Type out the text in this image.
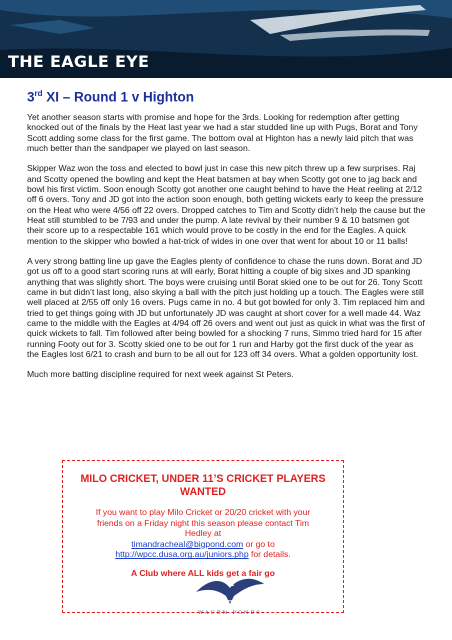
THE EAGLE EYE
3rd XI – Round 1 v Highton

Yet another season starts with promise and hope for the 3rds. Looking for redemption after getting knocked out of the finals by the Heat last year we had a star studded line up with Pugs, Borat and Tony Scott adding some class for the first game. The bottom oval at Highton has a newly laid pitch that was much better than the sandpaper we played on last season.

Skipper Waz won the toss and elected to bowl just in case this new pitch threw up a few surprises. Raj and Scotty opened the bowling and kept the Heat batsmen at bay when Scotty got one to jag back and bowl his first victim. Soon enough Scotty got another one caught behind to have the Heat reeling at 2/12 off 6 overs. Tony and JD got into the action soon enough, both getting wickets early to keep the pressure on the Heat who were 4/56 off 22 overs. Dropped catches to Tim and Scotty didn’t help the cause but the Heat still stumbled to be 7/93 and under the pump. A late revival by their number 9 & 10 batsmen got their score up to a respectable 161 which would prove to be costly in the end for the Eagles. A quick mention to the skipper who bowled a hat-trick of wides in one over that went for about 10 or 11 balls!

A very strong batting line up gave the Eagles plenty of confidence to chase the runs down. Borat and JD got us off to a good start scoring runs at will early, Borat hitting a couple of big sixes and JD spanking anything that was slightly short. The boys were cruising until Borat skied one to be out for 26. Tony Scott came in but didn’t last long, also skying a ball with the pitch just holding up a touch. The Eagles were still well placed at 2/55 off only 16 overs. Pugs came in no. 4 but got bowled for only 3. Tim replaced him and tried to get things going with JD but unfortunately JD was caught at short cover for a well made 44. Waz came to the middle with the Eagles at 4/94 off 26 overs and went out just as quick in what was the first of quick wickets to fall. Tim followed after being bowled for a shocking 7 runs, Simmo tried hard for 15 after running Footy out for 3. Scotty skied one to be out for 1 run and Harby got the first duck of the year as the Eagles lost 6/21 to crash and burn to be all out for 123 off 34 overs. What a golden opportunity lost.

Much more batting discipline required for next week against St Peters.

MILO CRICKET, UNDER 11’S CRICKET PLAYERS WANTED
If you want to play Milo Cricket or 20/20 cricket with your friends on a Friday night this season please contact Tim Hedley at
timandracheal@bigpond.com or go to
http://wpcc.dusa.org.au/juniors.php for details.
A Club where ALL kids get a fair go
WAURN PONDS
